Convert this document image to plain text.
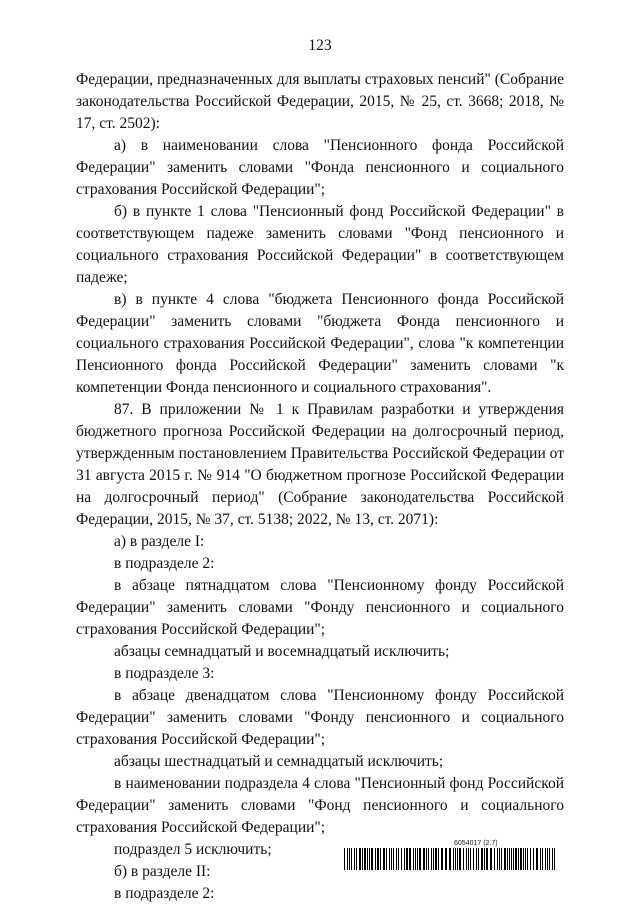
123

Федерации, предназначенных для выплаты страховых пенсий" (Собрание законодательства Российской Федерации, 2015, № 25, ст. 3668; 2018, № 17, ст. 2502):

а) в наименовании слова "Пенсионного фонда Российской Федерации" заменить словами "Фонда пенсионного и социального страхования Российской Федерации";

б) в пункте 1 слова "Пенсионный фонд Российской Федерации" в соответствующем падеже заменить словами "Фонд пенсионного и социального страхования Российской Федерации" в соответствующем падеже;

в) в пункте 4 слова "бюджета Пенсионного фонда Российской Федерации" заменить словами "бюджета Фонда пенсионного и социального страхования Российской Федерации", слова "к компетенции Пенсионного фонда Российской Федерации" заменить словами "к компетенции Фонда пенсионного и социального страхования".

87. В приложении № 1 к Правилам разработки и утверждения бюджетного прогноза Российской Федерации на долгосрочный период, утвержденным постановлением Правительства Российской Федерации от 31 августа 2015 г. № 914 "О бюджетном прогнозе Российской Федерации на долгосрочный период" (Собрание законодательства Российской Федерации, 2015, № 37, ст. 5138; 2022, № 13, ст. 2071):

а) в разделе I:

в подразделе 2:

в абзаце пятнадцатом слова "Пенсионному фонду Российской Федерации" заменить словами "Фонду пенсионного и социального страхования Российской Федерации";

абзацы семнадцатый и восемнадцатый исключить;

в подразделе 3:

в абзаце двенадцатом слова "Пенсионному фонду Российской Федерации" заменить словами "Фонду пенсионного и социального страхования Российской Федерации";

абзацы шестнадцатый и семнадцатый исключить;

в наименовании подраздела 4 слова "Пенсионный фонд Российской Федерации" заменить словами "Фонд пенсионного и социального страхования Российской Федерации";

подраздел 5 исключить;

б) в разделе II:

в подразделе 2:

6054017 (2.7)
